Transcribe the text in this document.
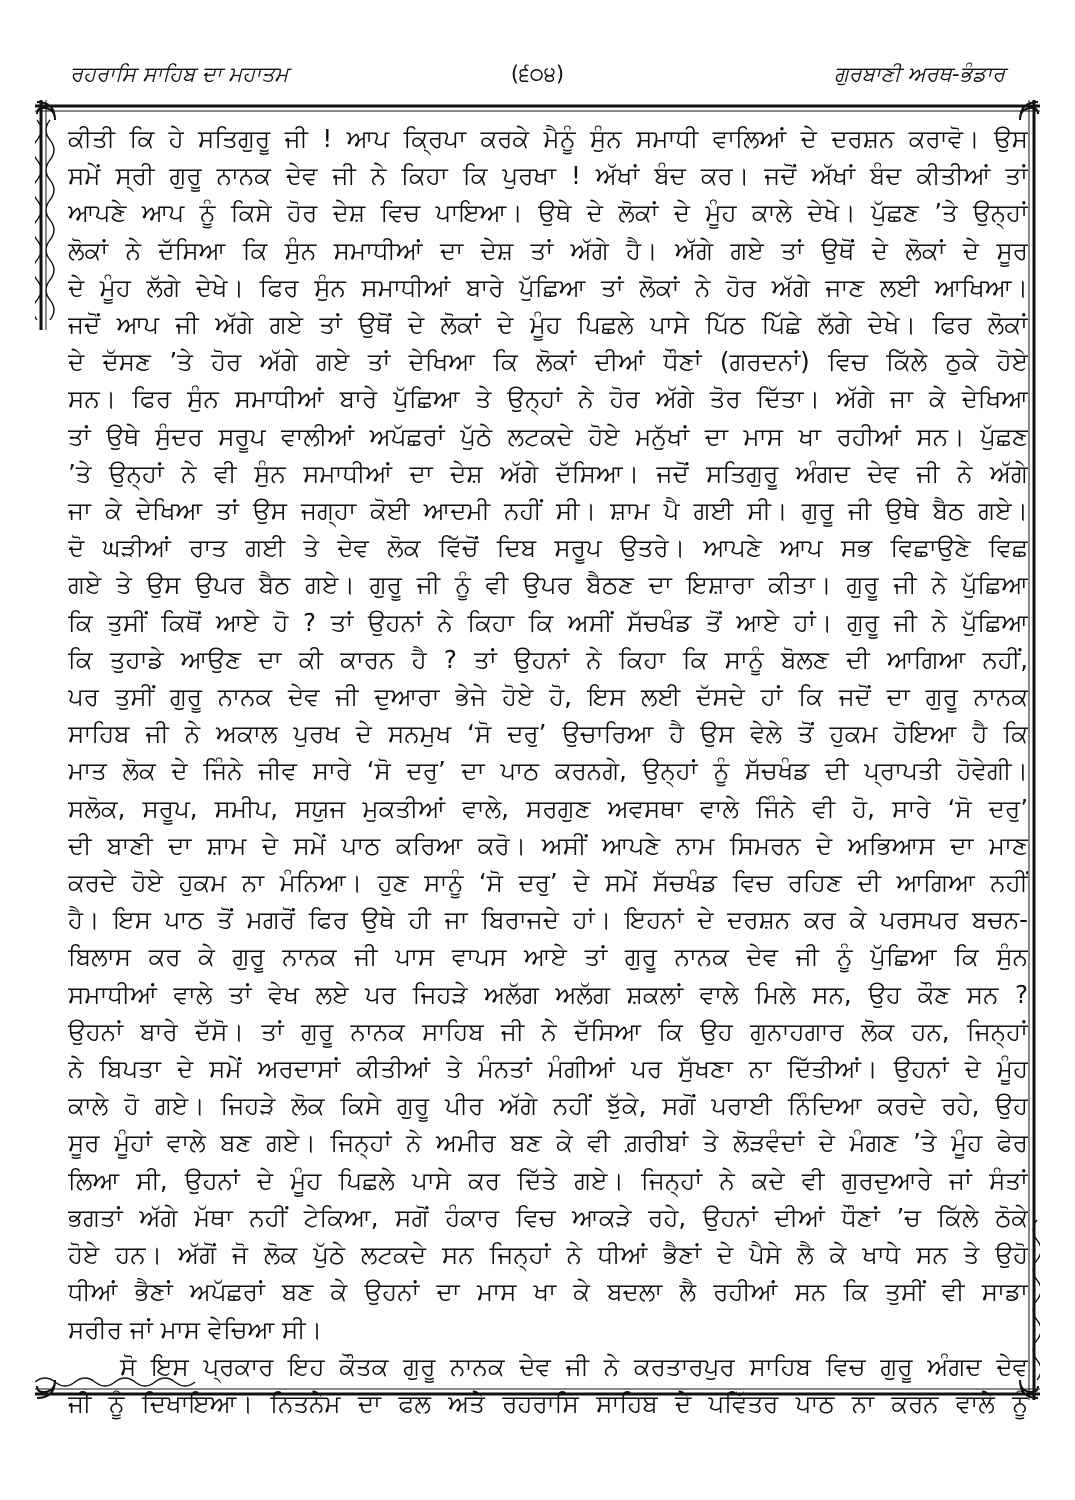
ਰਹਰਾਸਿ ਸਾਹਿਬ ਦਾ ਮਹਾਤਮ	(੬੦੪)	ਗੁਰਬਾਣੀ ਅਰਥ-ਭੰਡਾਰ
ਕੀਤੀ ਕਿ ਹੇ ਸਤਿਗੁਰੂ ਜੀ ! ਆਪ ਕ੍ਰਿਪਾ ਕਰਕੇ ਮੈਨੂੰ ਸੁੰਨ ਸਮਾਧੀ ਵਾਲਿਆਂ ਦੇ ਦਰਸ਼ਨ ਕਰਾਵੋ। ਉਸ
ਸਮੇਂ ਸ੍ਰੀ ਗੁਰੂ ਨਾਨਕ ਦੇਵ ਜੀ ਨੇ ਕਿਹਾ ਕਿ ਪੁਰਖਾ ! ਅੱਖਾਂ ਬੰਦ ਕਰ। ਜਦੋਂ ਅੱਖਾਂ ਬੰਦ ਕੀਤੀਆਂ ਤਾਂ
ਆਪਣੇ ਆਪ ਨੂੰ ਕਿਸੇ ਹੋਰ ਦੇਸ਼ ਵਿਚ ਪਾਇਆ। ਉਥੇ ਦੇ ਲੋਕਾਂ ਦੇ ਮੂੰਹ ਕਾਲੇ ਦੇਖੇ। ਪੁੱਛਣ ’ਤੇ ਉਨ੍ਹਾਂ
ਲੋਕਾਂ ਨੇ ਦੱਸਿਆ ਕਿ ਸੁੰਨ ਸਮਾਧੀਆਂ ਦਾ ਦੇਸ਼ ਤਾਂ ਅੱਗੇ ਹੈ। ਅੱਗੇ ਗਏ ਤਾਂ ਉਥੋਂ ਦੇ ਲੋਕਾਂ ਦੇ ਸੂਰ
ਦੇ ਮੂੰਹ ਲੱਗੇ ਦੇਖੇ। ਫਿਰ ਸੁੰਨ ਸਮਾਧੀਆਂ ਬਾਰੇ ਪੁੱਛਿਆ ਤਾਂ ਲੋਕਾਂ ਨੇ ਹੋਰ ਅੱਗੇ ਜਾਣ ਲਈ ਆਖਿਆ।
ਜਦੋਂ ਆਪ ਜੀ ਅੱਗੇ ਗਏ ਤਾਂ ਉਥੋਂ ਦੇ ਲੋਕਾਂ ਦੇ ਮੂੰਹ ਪਿਛਲੇ ਪਾਸੇ ਪਿੱਠ ਪਿੱਛੇ ਲੱਗੇ ਦੇਖੇ। ਫਿਰ ਲੋਕਾਂ
ਦੇ ਦੱਸਣ ’ਤੇ ਹੋਰ ਅੱਗੇ ਗਏ ਤਾਂ ਦੇਖਿਆ ਕਿ ਲੋਕਾਂ ਦੀਆਂ ਧੌਣਾਂ (ਗਰਦਨਾਂ) ਵਿਚ ਕਿੱਲੇ ਠੁਕੇ ਹੋਏ
ਸਨ। ਫਿਰ ਸੁੰਨ ਸਮਾਧੀਆਂ ਬਾਰੇ ਪੁੱਛਿਆ ਤੇ ਉਨ੍ਹਾਂ ਨੇ ਹੋਰ ਅੱਗੇ ਤੋਰ ਦਿੱਤਾ। ਅੱਗੇ ਜਾ ਕੇ ਦੇਖਿਆ
ਤਾਂ ਉਥੇ ਸੁੰਦਰ ਸਰੂਪ ਵਾਲੀਆਂ ਅਪੱਛਰਾਂ ਪੁੱਠੇ ਲਟਕਦੇ ਹੋਏ ਮਨੁੱਖਾਂ ਦਾ ਮਾਸ ਖਾ ਰਹੀਆਂ ਸਨ। ਪੁੱਛਣ
’ਤੇ ਉਨ੍ਹਾਂ ਨੇ ਵੀ ਸੁੰਨ ਸਮਾਧੀਆਂ ਦਾ ਦੇਸ਼ ਅੱਗੇ ਦੱਸਿਆ। ਜਦੋਂ ਸਤਿਗੁਰੂ ਅੰਗਦ ਦੇਵ ਜੀ ਨੇ ਅੱਗੇ
ਜਾ ਕੇ ਦੇਖਿਆ ਤਾਂ ਉਸ ਜਗ੍ਹਾ ਕੋਈ ਆਦਮੀ ਨਹੀਂ ਸੀ। ਸ਼ਾਮ ਪੈ ਗਈ ਸੀ। ਗੁਰੂ ਜੀ ਉਥੇ ਬੈਠ ਗਏ।
ਦੋ ਘੜੀਆਂ ਰਾਤ ਗਈ ਤੇ ਦੇਵ ਲੋਕ ਵਿੱਚੋਂ ਦਿਬ ਸਰੂਪ ਉਤਰੇ। ਆਪਣੇ ਆਪ ਸਭ ਵਿਛਾਉਣੇ ਵਿਛ
ਗਏ ਤੇ ਉਸ ਉਪਰ ਬੈਠ ਗਏ। ਗੁਰੂ ਜੀ ਨੂੰ ਵੀ ਉਪਰ ਬੈਠਣ ਦਾ ਇਸ਼ਾਰਾ ਕੀਤਾ। ਗੁਰੂ ਜੀ ਨੇ ਪੁੱਛਿਆ
ਕਿ ਤੁਸੀਂ ਕਿਥੋਂ ਆਏ ਹੋ ? ਤਾਂ ਉਹਨਾਂ ਨੇ ਕਿਹਾ ਕਿ ਅਸੀਂ ਸੱਚਖੰਡ ਤੋਂ ਆਏ ਹਾਂ। ਗੁਰੂ ਜੀ ਨੇ ਪੁੱਛਿਆ
ਕਿ ਤੁਹਾਡੇ ਆਉਣ ਦਾ ਕੀ ਕਾਰਨ ਹੈ ? ਤਾਂ ਉਹਨਾਂ ਨੇ ਕਿਹਾ ਕਿ ਸਾਨੂੰ ਬੋਲਣ ਦੀ ਆਗਿਆ ਨਹੀਂ,
ਪਰ ਤੁਸੀਂ ਗੁਰੂ ਨਾਨਕ ਦੇਵ ਜੀ ਦੁਆਰਾ ਭੇਜੇ ਹੋਏ ਹੋ, ਇਸ ਲਈ ਦੱਸਦੇ ਹਾਂ ਕਿ ਜਦੋਂ ਦਾ ਗੁਰੂ ਨਾਨਕ
ਸਾਹਿਬ ਜੀ ਨੇ ਅਕਾਲ ਪੁਰਖ ਦੇ ਸਨਮੁਖ ‘ਸੋ ਦਰੁ’ ਉਚਾਰਿਆ ਹੈ ਉਸ ਵੇਲੇ ਤੋਂ ਹੁਕਮ ਹੋਇਆ ਹੈ ਕਿ
ਮਾਤ ਲੋਕ ਦੇ ਜਿੰਨੇ ਜੀਵ ਸਾਰੇ ‘ਸੋ ਦਰੁ’ ਦਾ ਪਾਠ ਕਰਨਗੇ, ਉਨ੍ਹਾਂ ਨੂੰ ਸੱਚਖੰਡ ਦੀ ਪ੍ਰਾਪਤੀ ਹੋਵੇਗੀ।
ਸਲੋਕ, ਸਰੂਪ, ਸਮੀਪ, ਸਯੁਜ ਮੁਕਤੀਆਂ ਵਾਲੇ, ਸਰਗੁਣ ਅਵਸਥਾ ਵਾਲੇ ਜਿੰਨੇ ਵੀ ਹੋ, ਸਾਰੇ ‘ਸੋ ਦਰੁ’
ਦੀ ਬਾਣੀ ਦਾ ਸ਼ਾਮ ਦੇ ਸਮੇਂ ਪਾਠ ਕਰਿਆ ਕਰੋ। ਅਸੀਂ ਆਪਣੇ ਨਾਮ ਸਿਮਰਨ ਦੇ ਅਭਿਆਸ ਦਾ ਮਾਣ
ਕਰਦੇ ਹੋਏ ਹੁਕਮ ਨਾ ਮੰਨਿਆ। ਹੁਣ ਸਾਨੂੰ ‘ਸੋ ਦਰੁ’ ਦੇ ਸਮੇਂ ਸੱਚਖੰਡ ਵਿਚ ਰਹਿਣ ਦੀ ਆਗਿਆ ਨਹੀਂ
ਹੈ। ਇਸ ਪਾਠ ਤੋਂ ਮਗਰੋਂ ਫਿਰ ਉਥੇ ਹੀ ਜਾ ਬਿਰਾਜਦੇ ਹਾਂ। ਇਹਨਾਂ ਦੇ ਦਰਸ਼ਨ ਕਰ ਕੇ ਪਰਸਪਰ ਬਚਨ-
ਬਿਲਾਸ ਕਰ ਕੇ ਗੁਰੂ ਨਾਨਕ ਜੀ ਪਾਸ ਵਾਪਸ ਆਏ ਤਾਂ ਗੁਰੂ ਨਾਨਕ ਦੇਵ ਜੀ ਨੂੰ ਪੁੱਛਿਆ ਕਿ ਸੁੰਨ
ਸਮਾਧੀਆਂ ਵਾਲੇ ਤਾਂ ਵੇਖ ਲਏ ਪਰ ਜਿਹੜੇ ਅਲੱਗ ਅਲੱਗ ਸ਼ਕਲਾਂ ਵਾਲੇ ਮਿਲੇ ਸਨ, ਉਹ ਕੌਣ ਸਨ ?
ਉਹਨਾਂ ਬਾਰੇ ਦੱਸੋ। ਤਾਂ ਗੁਰੂ ਨਾਨਕ ਸਾਹਿਬ ਜੀ ਨੇ ਦੱਸਿਆ ਕਿ ਉਹ ਗੁਨਾਹਗਾਰ ਲੋਕ ਹਨ, ਜਿਨ੍ਹਾਂ
ਨੇ ਬਿਪਤਾ ਦੇ ਸਮੇਂ ਅਰਦਾਸਾਂ ਕੀਤੀਆਂ ਤੇ ਮੰਨਤਾਂ ਮੰਗੀਆਂ ਪਰ ਸੁੱਖਣਾ ਨਾ ਦਿੱਤੀਆਂ। ਉਹਨਾਂ ਦੇ ਮੂੰਹ
ਕਾਲੇ ਹੋ ਗਏ। ਜਿਹੜੇ ਲੋਕ ਕਿਸੇ ਗੁਰੂ ਪੀਰ ਅੱਗੇ ਨਹੀਂ ਝੁੱਕੇ, ਸਗੋਂ ਪਰਾਈ ਨਿੰਦਿਆ ਕਰਦੇ ਰਹੇ, ਉਹ
ਸੂਰ ਮੂੰਹਾਂ ਵਾਲੇ ਬਣ ਗਏ। ਜਿਨ੍ਹਾਂ ਨੇ ਅਮੀਰ ਬਣ ਕੇ ਵੀ ਗ਼ਰੀਬਾਂ ਤੇ ਲੋੜਵੰਦਾਂ ਦੇ ਮੰਗਣ ’ਤੇ ਮੂੰਹ ਫੇਰ
ਲਿਆ ਸੀ, ਉਹਨਾਂ ਦੇ ਮੂੰਹ ਪਿਛਲੇ ਪਾਸੇ ਕਰ ਦਿੱਤੇ ਗਏ। ਜਿਨ੍ਹਾਂ ਨੇ ਕਦੇ ਵੀ ਗੁਰਦੁਆਰੇ ਜਾਂ ਸੰਤਾਂ
ਭਗਤਾਂ ਅੱਗੇ ਮੱਥਾ ਨਹੀਂ ਟੇਕਿਆ, ਸਗੋਂ ਹੰਕਾਰ ਵਿਚ ਆਕੜੇ ਰਹੇ, ਉਹਨਾਂ ਦੀਆਂ ਧੌਣਾਂ ’ਚ ਕਿੱਲੇ ਠੋਕੇ
ਹੋਏ ਹਨ। ਅੱਗੋਂ ਜੋ ਲੋਕ ਪੁੱਠੇ ਲਟਕਦੇ ਸਨ ਜਿਨ੍ਹਾਂ ਨੇ ਧੀਆਂ ਭੈਣਾਂ ਦੇ ਪੈਸੇ ਲੈ ਕੇ ਖਾਧੇ ਸਨ ਤੇ ਉਹੋ
ਧੀਆਂ ਭੈਣਾਂ ਅਪੱਛਰਾਂ ਬਣ ਕੇ ਉਹਨਾਂ ਦਾ ਮਾਸ ਖਾ ਕੇ ਬਦਲਾ ਲੈ ਰਹੀਆਂ ਸਨ ਕਿ ਤੁਸੀਂ ਵੀ ਸਾਡਾ
ਸਰੀਰ ਜਾਂ ਮਾਸ ਵੇਚਿਆ ਸੀ।
ਸੋ ਇਸ ਪ੍ਰਕਾਰ ਇਹ ਕੌਤਕ ਗੁਰੂ ਨਾਨਕ ਦੇਵ ਜੀ ਨੇ ਕਰਤਾਰਪੁਰ ਸਾਹਿਬ ਵਿਚ ਗੁਰੂ ਅੰਗਦ ਦੇਵ
ਜੀ ਨੂੰ ਦਿਖਾਇਆ। ਨਿਤਨੇਮ ਦਾ ਫਲ ਅਤੇ ਰਹਰਾਸਿ ਸਾਹਿਬ ਦੇ ਪਵਿੱਤਰ ਪਾਠ ਨਾ ਕਰਨ ਵਾਲੇ ਨੂੰ
